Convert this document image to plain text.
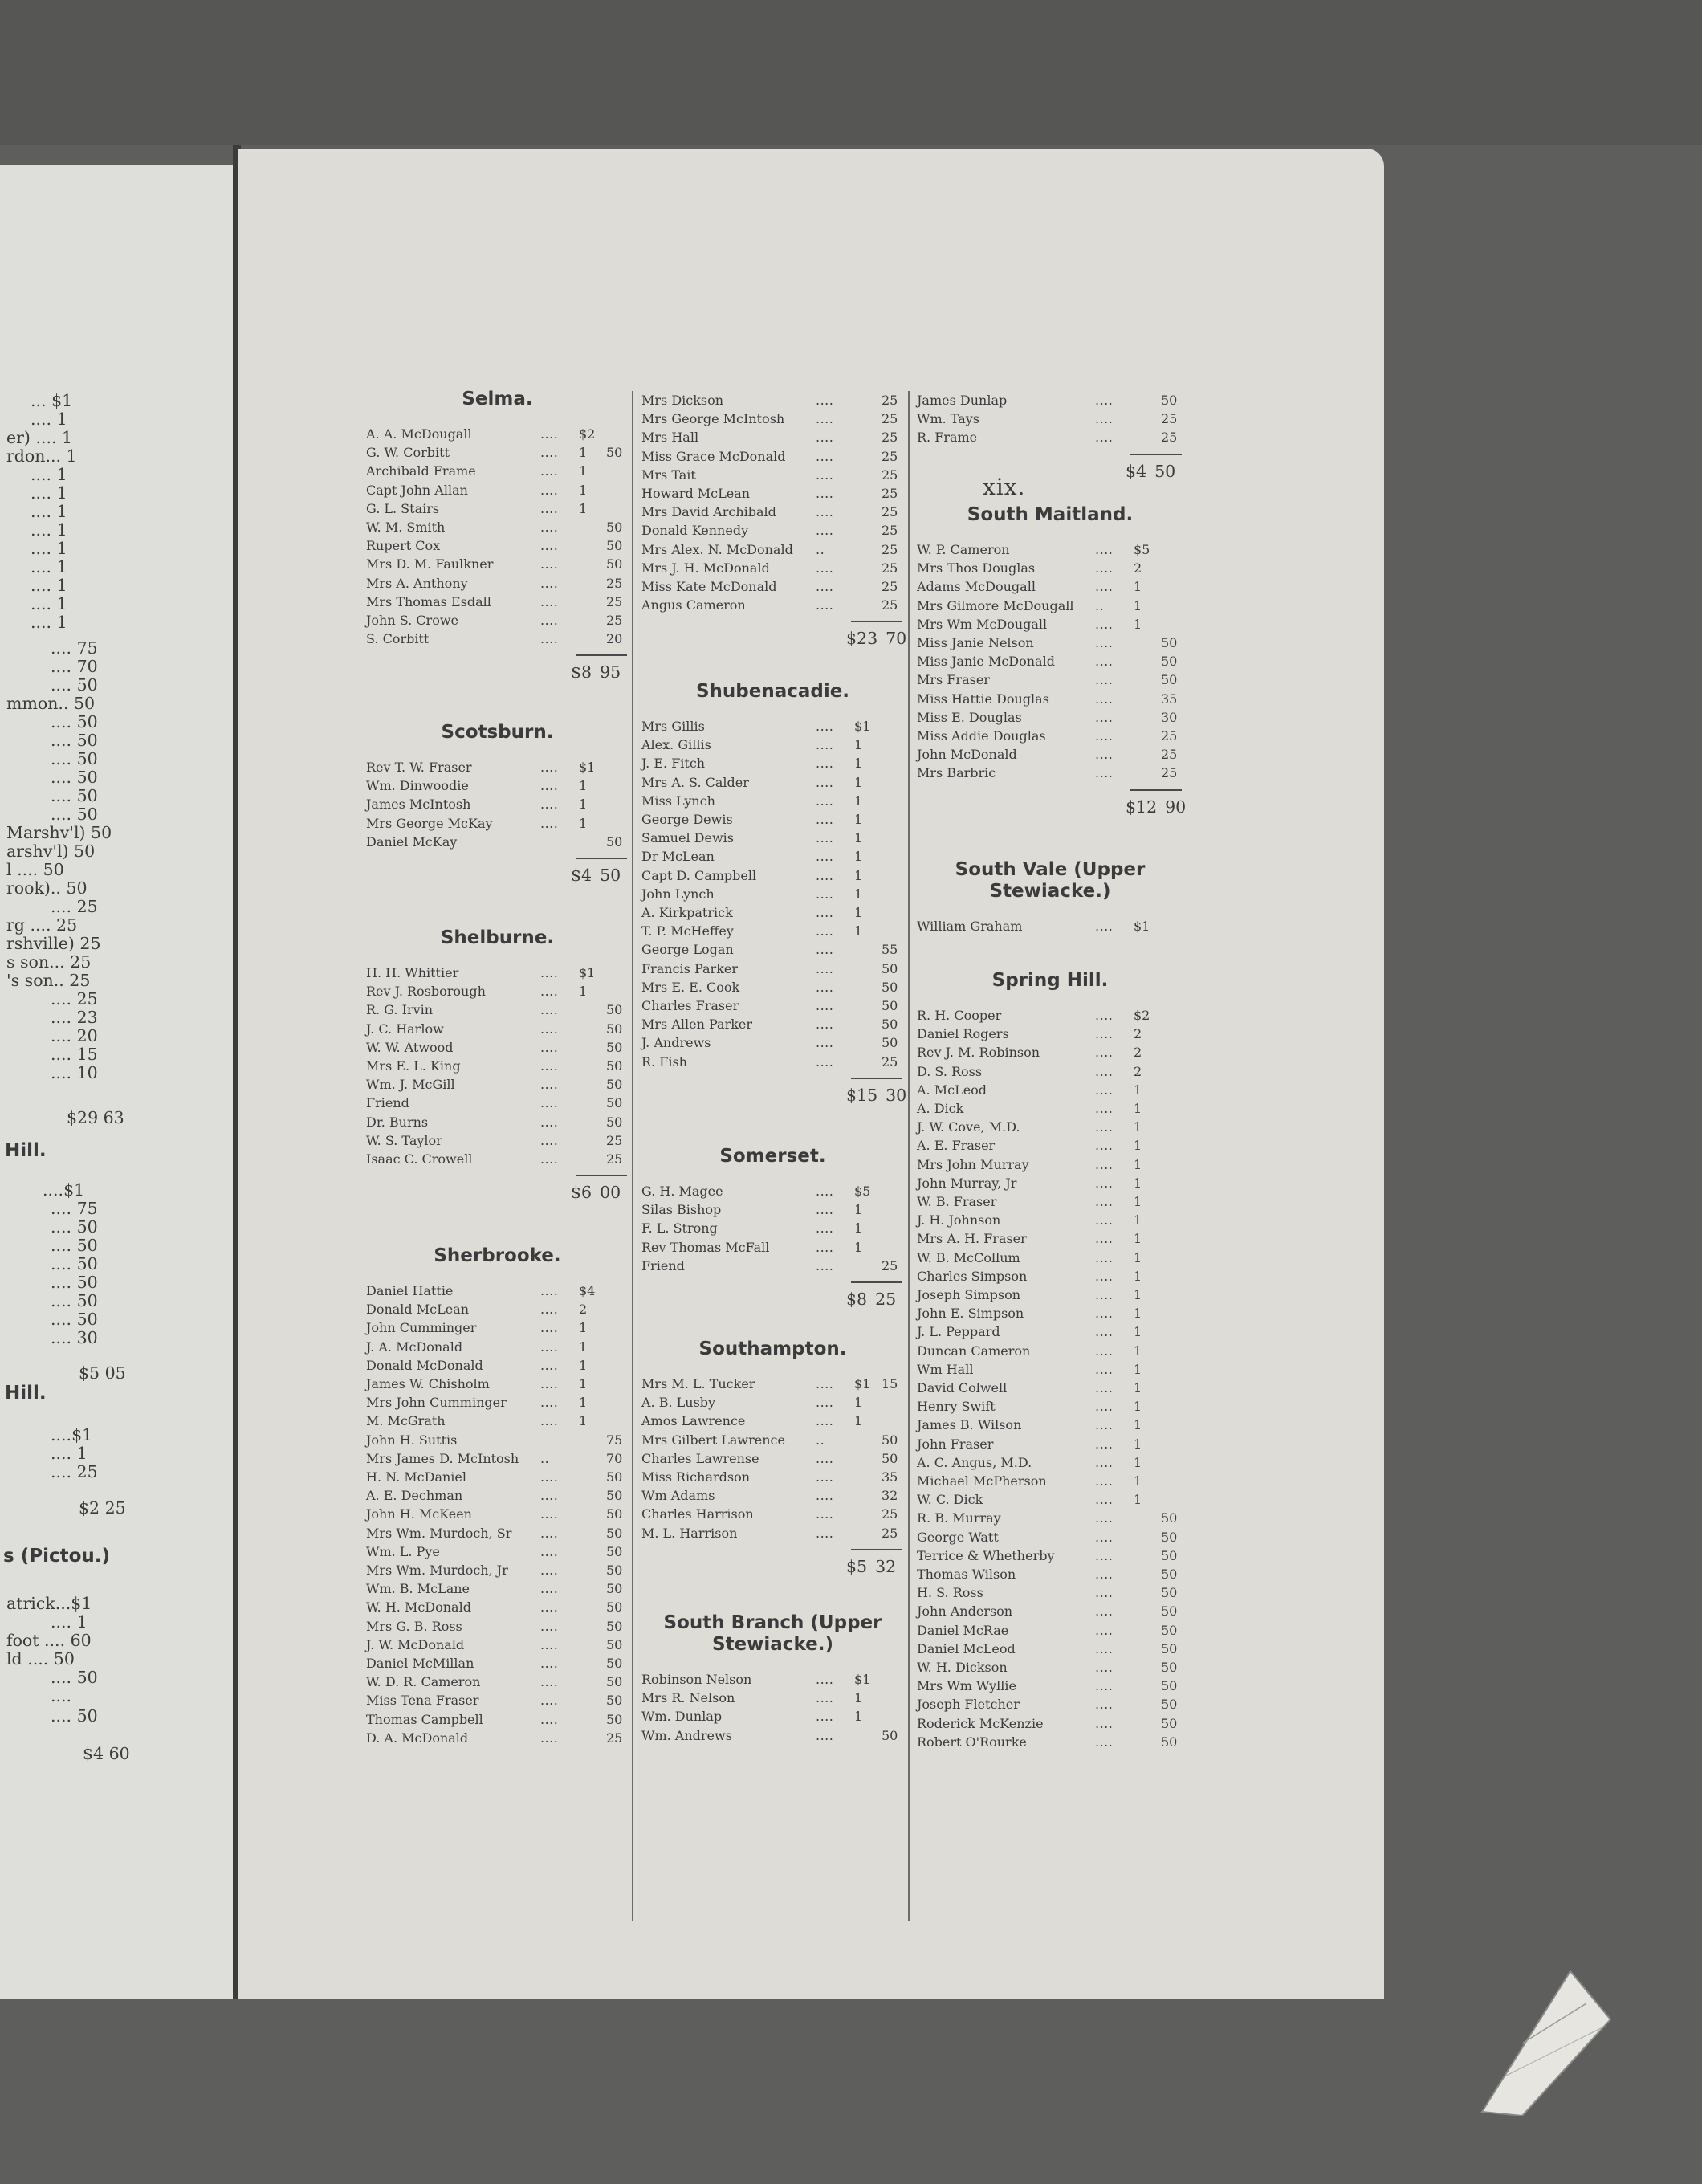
... $1
.... 1
er) .... 1
rdon... 1
.... 1
.... 1
.... 1
.... 1
.... 1
.... 1
.... 1
.... 1
.... 1
.... 75
.... 70
.... 50
mmon.. 50
.... 50
.... 50
.... 50
.... 50
.... 50
.... 50
Marshv'l) 50
arshv'l) 50
l .... 50
rook).. 50
.... 25
rg .... 25
rshville) 25
s son... 25
's son.. 25
.... 25
.... 23
.... 20
.... 15
.... 10
$29 63
....$1
.... 75
.... 50
.... 50
.... 50
.... 50
.... 50
.... 50
.... 30
$5 05
....$1
.... 1
.... 25
$2 25
atrick...$1
.... 1
foot .... 60
ld .... 50
.... 50
....
.... 50
$4 60
Hill.
Hill.
s (Pictou.)
xix.
Selma.
A. A. McDougall	.... $2
G. W. Corbitt	.... 1 50
Archibald Frame	.... 1
Capt John Allan	.... 1
G. L. Stairs	.... 1
W. M. Smith	....	50
Rupert Cox	....	50
Mrs D. M. Faulkner	....	50
Mrs A. Anthony	....	25
Mrs Thomas Esdall	....	25
John S. Crowe	....	25
S. Corbitt	....	20
$8 95
Scotsburn.
Rev T. W. Fraser	.... $1
Wm. Dinwoodie	.... 1
James McIntosh	.... 1
Mrs George McKay	.... 1
Daniel McKay	50
$4 50
Shelburne.
H. H. Whittier	.... $1
Rev J. Rosborough	.... 1
R. G. Irvin	....	50
J. C. Harlow	....	50
W. W. Atwood	....	50
Mrs E. L. King	....	50
Wm. J. McGill	....	50
Friend	....	50
Dr. Burns	....	50
W. S. Taylor	....	25
Isaac C. Crowell	....	25
$6 00
Sherbrooke.
Daniel Hattie	.... $4
Donald McLean	.... 2
John Cumminger	.... 1
J. A. McDonald	.... 1
Donald McDonald	.... 1
James W. Chisholm	.... 1
Mrs John Cumminger	.... 1
M. McGrath	.... 1
John H. Suttis	75
Mrs James D. McIntosh ..	70
H. N. McDaniel	....	50
A. E. Dechman	....	50
John H. McKeen	....	50
Mrs Wm. Murdoch, Sr ....	50
Wm. L. Pye	....	50
Mrs Wm. Murdoch, Jr	....	50
Wm. B. McLane	....	50
W. H. McDonald	....	50
Mrs G. B. Ross	....	50
J. W. McDonald	....	50
Daniel McMillan	....	50
W. D. R. Cameron	....	50
Miss Tena Fraser	....	50
Thomas Campbell	....	50
D. A. McDonald	....	25
Mrs Dickson	....	25
Mrs George McIntosh ....	25
Mrs Hall	....	25
Miss Grace McDonald ....	25
Mrs Tait	....	25
Howard McLean	....	25
Mrs David Archibald	....	25
Donald Kennedy	....	25
Mrs Alex. N. McDonald ..	25
Mrs J. H. McDonald	....	25
Miss Kate McDonald	....	25
Angus Cameron	....	25
$23 70
Shubenacadie.
Mrs Gillis	.... $1
Alex. Gillis	.... 1
J. E. Fitch	.... 1
Mrs A. S. Calder	.... 1
Miss Lynch	.... 1
George Dewis	.... 1
Samuel Dewis	.... 1
Dr McLean	.... 1
Capt D. Campbell	.... 1
John Lynch	.... 1
A. Kirkpatrick	.... 1
T. P. McHeffey	.... 1
George Logan	....	55
Francis Parker	....	50
Mrs E. E. Cook	....	50
Charles Fraser	....	50
Mrs Allen Parker	....	50
J. Andrews	....	50
R. Fish	....	25
$15 30
Somerset.
G. H. Magee	.... $5
Silas Bishop	.... 1
F. L. Strong	.... 1
Rev Thomas McFall	.... 1
Friend	....	25
$8 25
Southampton.
Mrs M. L. Tucker	.... $1 15
A. B. Lusby	.... 1
Amos Lawrence	.... 1
Mrs Gilbert Lawrence ..	50
Charles Lawrense	....	50
Miss Richardson	....	35
Wm Adams	....	32
Charles Harrison	....	25
M. L. Harrison	....	25
$5 32
South Branch (Upper Stewiacke.)
Robinson Nelson	.... $1
Mrs R. Nelson	.... 1
Wm. Dunlap	.... 1
Wm. Andrews	....	50
James Dunlap	....	50
Wm. Tays	....	25
R. Frame	....	25
$4 50
South Maitland.
W. P. Cameron	.... $5
Mrs Thos Douglas	.... 2
Adams McDougall	.... 1
Mrs Gilmore McDougall .. 1
Mrs Wm McDougall	.... 1
Miss Janie Nelson	....	50
Miss Janie McDonald	....	50
Mrs Fraser	....	50
Miss Hattie Douglas	....	35
Miss E. Douglas	....	30
Miss Addie Douglas	....	25
John McDonald	....	25
Mrs Barbric	....	25
$12 90
South Vale (Upper Stewiacke.)
William Graham	.... $1
Spring Hill.
R. H. Cooper	.... $2
Daniel Rogers	.... 2
Rev J. M. Robinson	.... 2
D. S. Ross	.... 2
A. McLeod	.... 1
A. Dick	.... 1
J. W. Cove, M.D.	.... 1
A. E. Fraser	.... 1
Mrs John Murray	.... 1
John Murray, Jr	.... 1
W. B. Fraser	.... 1
J. H. Johnson	.... 1
Mrs A. H. Fraser	.... 1
W. B. McCollum	.... 1
Charles Simpson	.... 1
Joseph Simpson	.... 1
John E. Simpson	.... 1
J. L. Peppard	.... 1
Duncan Cameron	.... 1
Wm Hall	.... 1
David Colwell	.... 1
Henry Swift	.... 1
James B. Wilson	.... 1
John Fraser	.... 1
A. C. Angus, M.D.	.... 1
Michael McPherson	.... 1
W. C. Dick	.... 1
R. B. Murray	....	50
George Watt	....	50
Terrice & Whetherby	....	50
Thomas Wilson	....	50
H. S. Ross	....	50
John Anderson	....	50
Daniel McRae	....	50
Daniel McLeod	....	50
W. H. Dickson	....	50
Mrs Wm Wyllie	....	50
Joseph Fletcher	....	50
Roderick McKenzie	....	50
Robert O'Rourke	....	50
